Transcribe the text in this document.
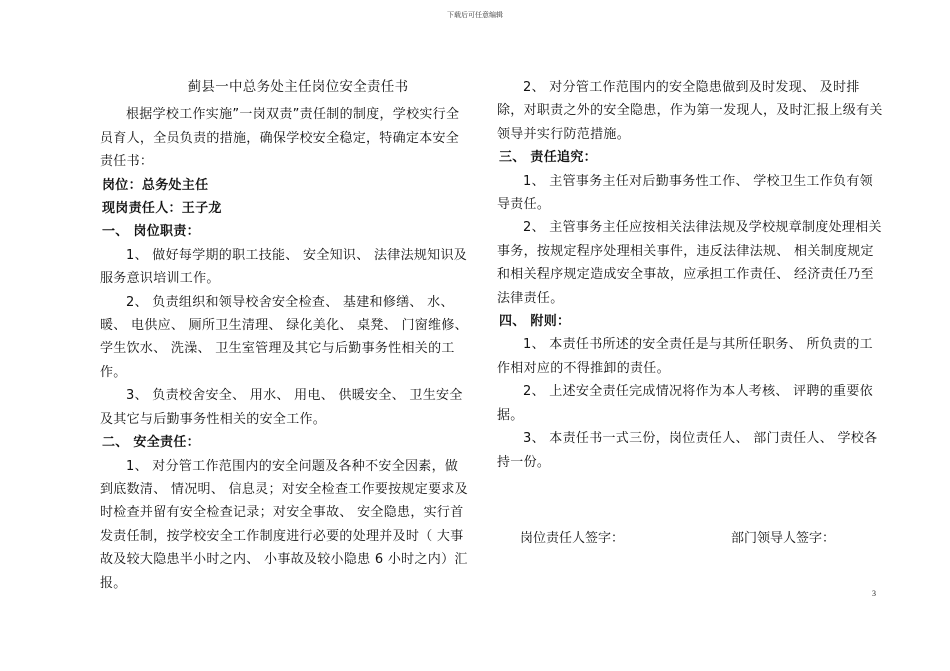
下载后可任意编辑
蓟县一中总务处主任岗位安全责任书

根据学校工作实施”一岗双责”责任制的制度，学校实行全员育人，全员负责的措施，确保学校安全稳定，特确定本安全责任书：

岗位：总务处主任

现岗责任人：王子龙

一、 岗位职责：

1、 做好每学期的职工技能、 安全知识、 法律法规知识及服务意识培训工作。

2、 负责组织和领导校舍安全检查、 基建和修缮、 水、 暖、 电供应、 厕所卫生清理、 绿化美化、 桌凳、 门窗维修、 学生饮水、 洗澡、 卫生室管理及其它与后勤事务性相关的工作。

3、 负责校舍安全、 用水、 用电、 供暖安全、 卫生安全及其它与后勤事务性相关的安全工作。

二、 安全责任：

1、 对分管工作范围内的安全问题及各种不安全因素，做到底数清、 情况明、 信息灵；对安全检查工作要按规定要求及时检查并留有安全检查记录；对安全事故、 安全隐患，实行首发责任制，按学校安全工作制度进行必要的处理并及时（ 大事故及较大隐患半小时之内、 小事故及较小隐患 6 小时之内）汇报。

2、 对分管工作范围内的安全隐患做到及时发现、 及时排除，对职责之外的安全隐患，作为第一发现人，及时汇报上级有关领导并实行防范措施。

三、 责任追究：

1、 主管事务主任对后勤事务性工作、 学校卫生工作负有领导责任。

2、 主管事务主任应按相关法律法规及学校规章制度处理相关事务，按规定程序处理相关事件，违反法律法规、 相关制度规定和相关程序规定造成安全事故，应承担工作责任、 经济责任乃至法律责任。

四、 附则：

1、 本责任书所述的安全责任是与其所任职务、 所负责的工作相对应的不得推卸的责任。

2、 上述安全责任完成情况将作为本人考核、 评聘的重要依据。

3、 本责任书一式三份，岗位责任人、 部门责任人、 学校各持一份。

岗位责任人签字：	部门领导人签字：
3
